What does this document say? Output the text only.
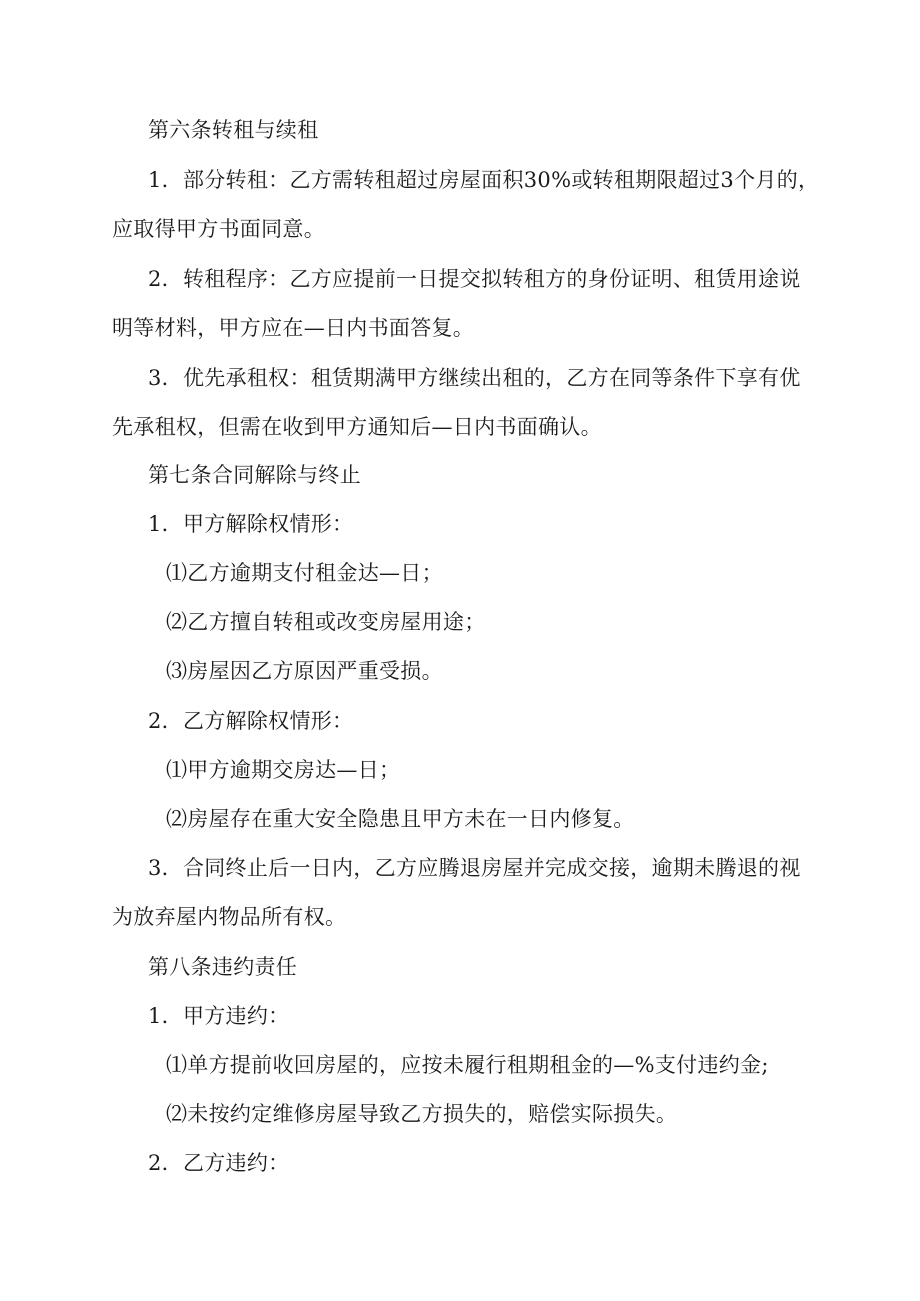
第六条转租与续租
1．部分转租：乙方需转租超过房屋面积30%或转租期限超过3个月的，
应取得甲方书面同意。
2．转租程序：乙方应提前一日提交拟转租方的身份证明、租赁用途说
明等材料，甲方应在—日内书面答复。
3．优先承租权：租赁期满甲方继续出租的，乙方在同等条件下享有优
先承租权，但需在收到甲方通知后—日内书面确认。
第七条合同解除与终止
1．甲方解除权情形：
⑴乙方逾期支付租金达—日；
⑵乙方擅自转租或改变房屋用途；
⑶房屋因乙方原因严重受损。
2．乙方解除权情形：
⑴甲方逾期交房达—日；
⑵房屋存在重大安全隐患且甲方未在一日内修复。
3．合同终止后一日内，乙方应腾退房屋并完成交接，逾期未腾退的视
为放弃屋内物品所有权。
第八条违约责任
1．甲方违约：
⑴单方提前收回房屋的，应按未履行租期租金的—%支付违约金;
⑵未按约定维修房屋导致乙方损失的，赔偿实际损失。
2．乙方违约：
